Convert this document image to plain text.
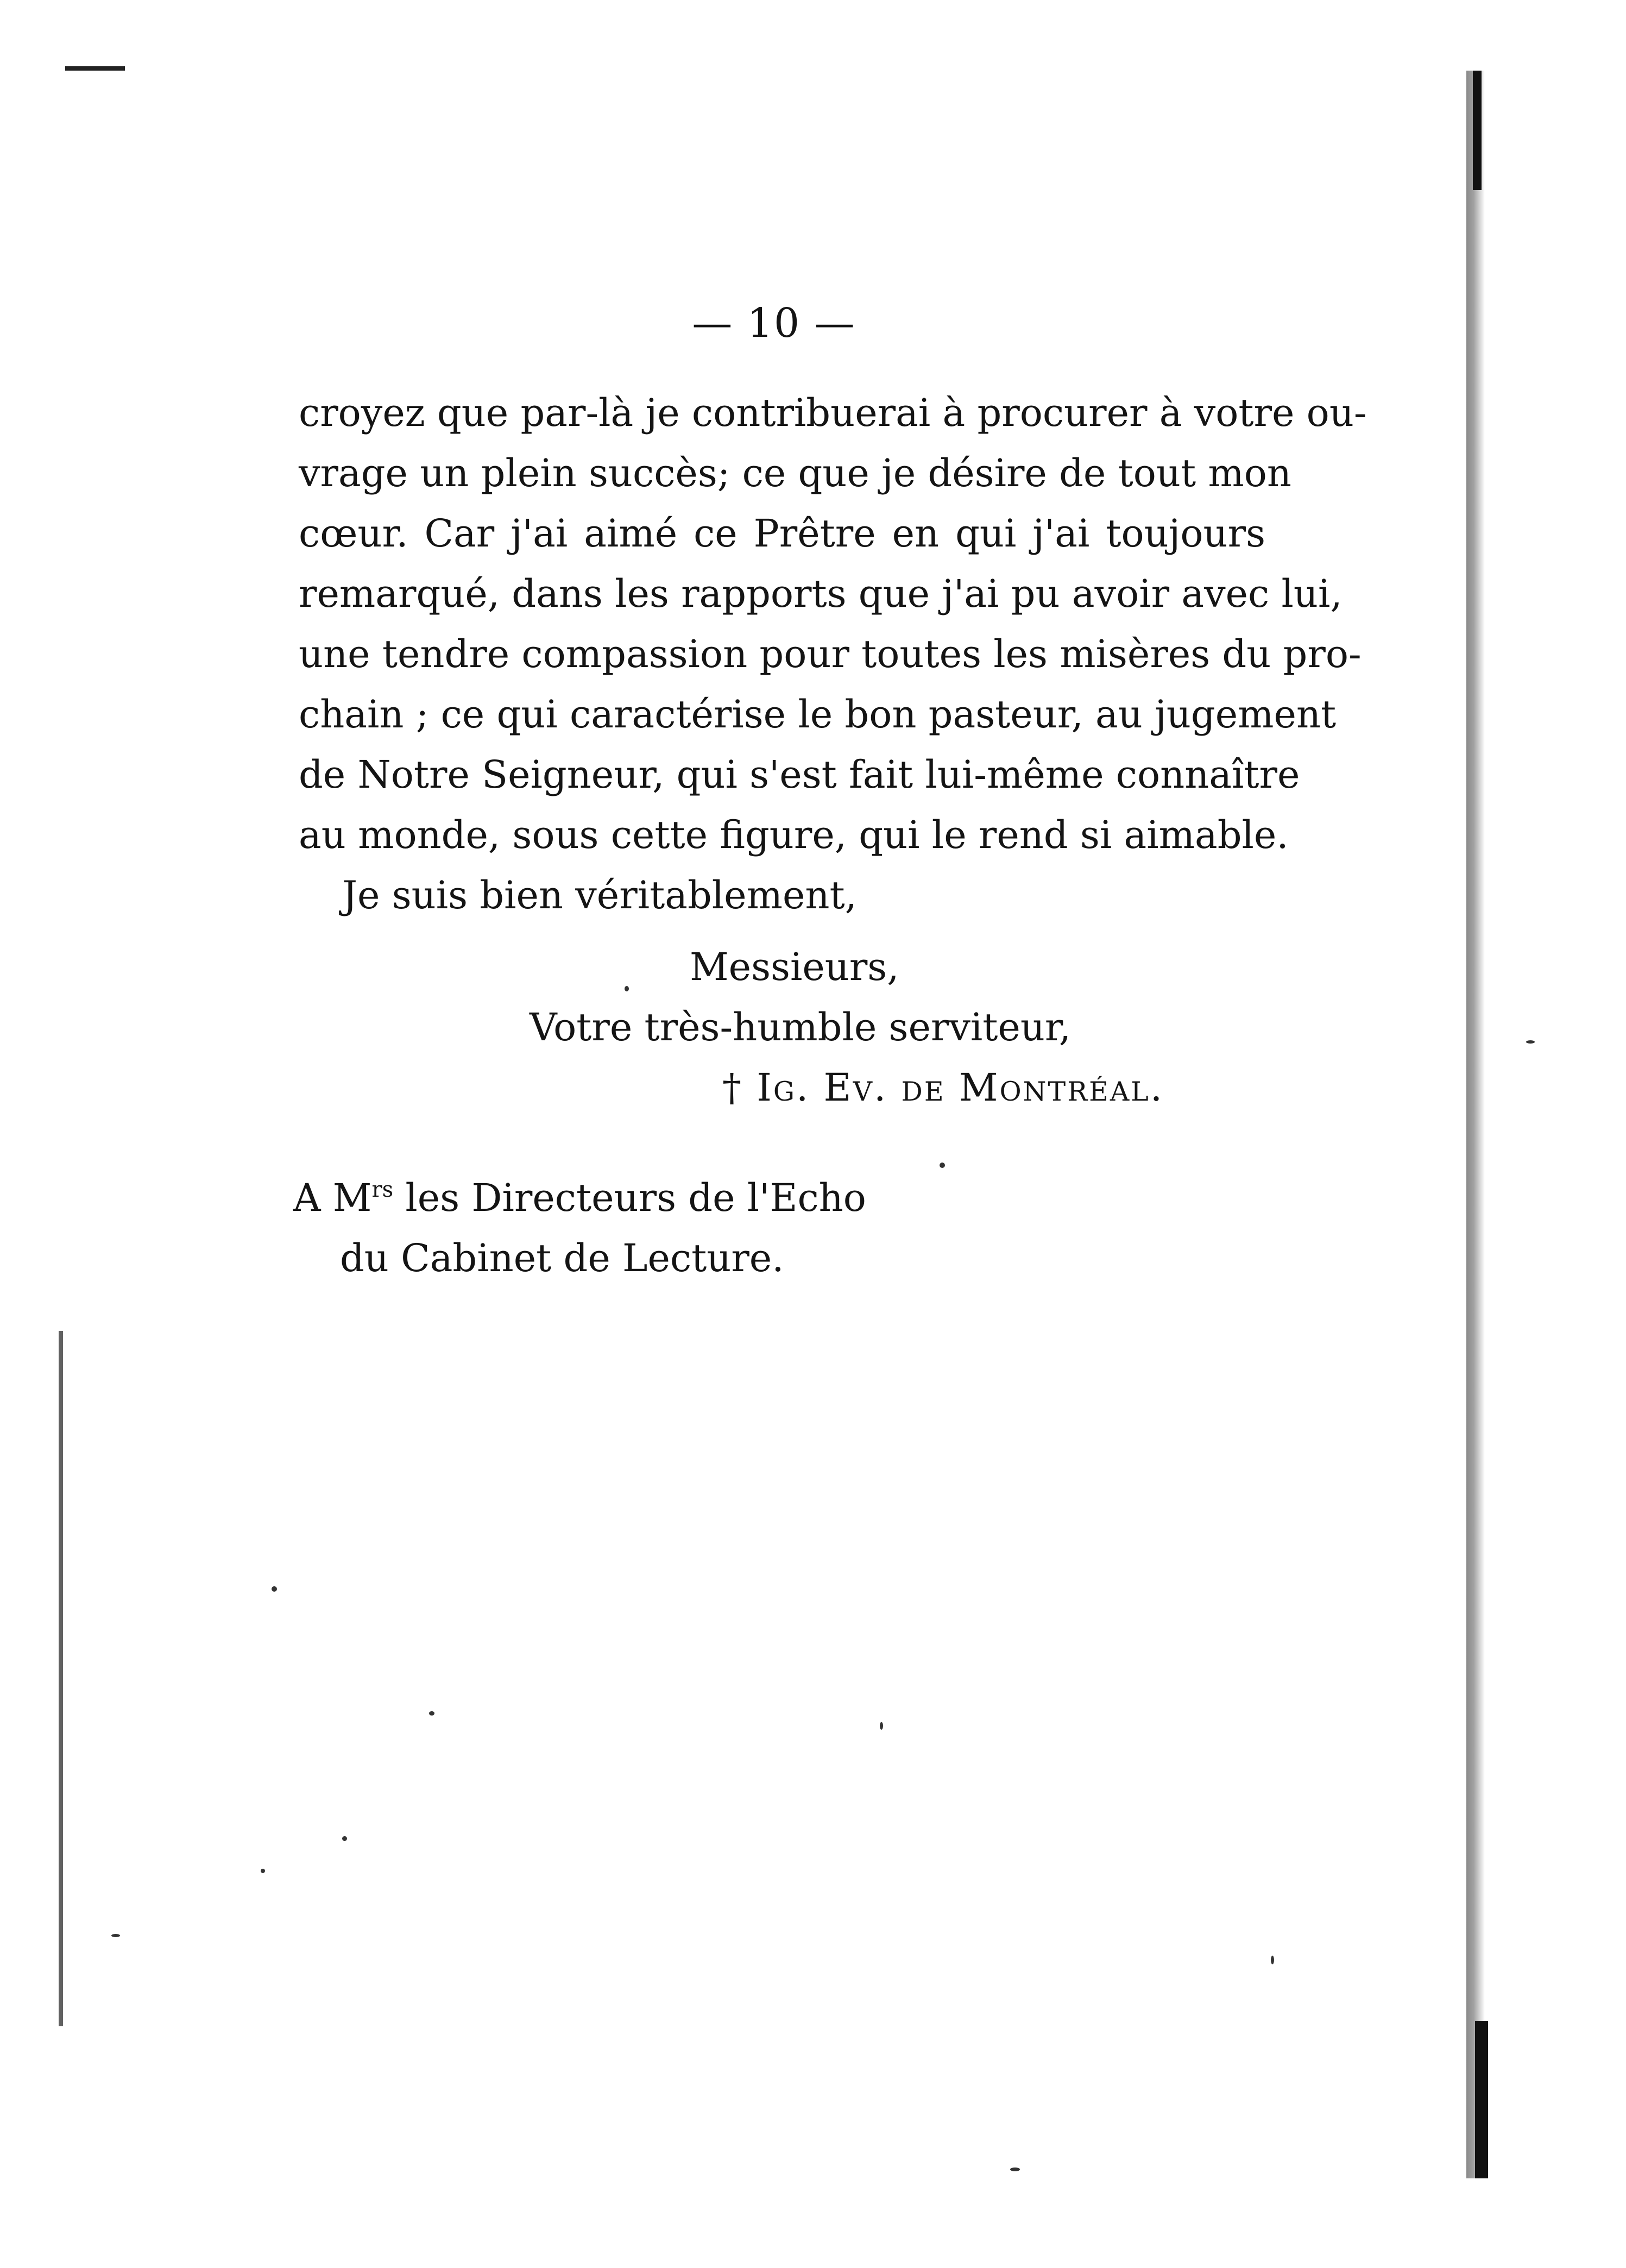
— 10 —
croyez que par-là je contribuerai à procurer à votre ou-
vrage un plein succès; ce que je désire de tout mon
cœur. Car j'ai aimé ce Prêtre en qui j'ai toujours
remarqué, dans les rapports que j'ai pu avoir avec lui,
une tendre compassion pour toutes les misères du pro-
chain ; ce qui caractérise le bon pasteur, au jugement
de Notre Seigneur, qui s'est fait lui-même connaître
au monde, sous cette figure, qui le rend si aimable.
Je suis bien véritablement,
Messieurs,
Votre très-humble serviteur,
† Ig. Ev. de Montréal.
A $M^{rs}$ les Directeurs de l'Echo
du Cabinet de Lecture.
